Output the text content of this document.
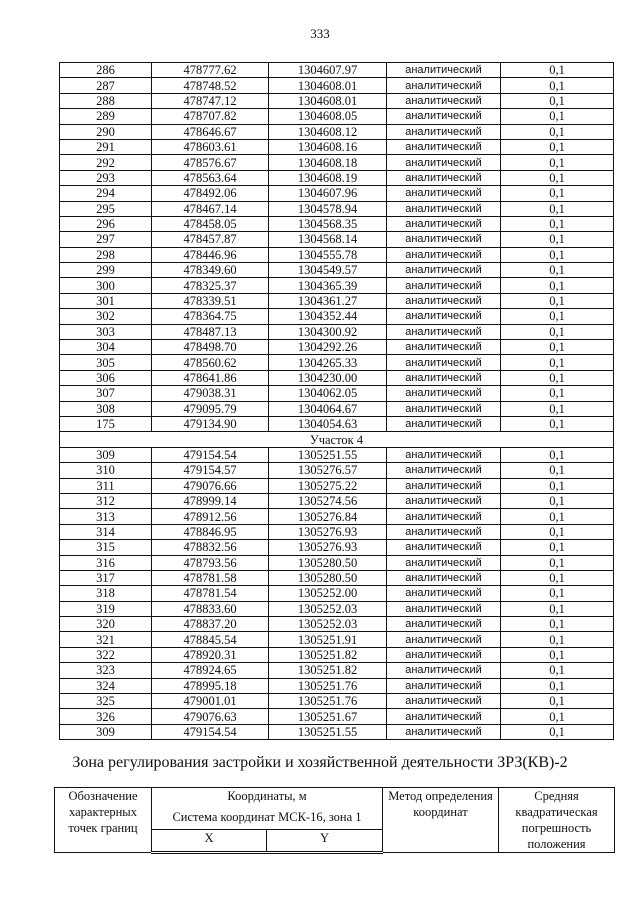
333
286	478777.62	1304607.97	аналитический	0,1
287	478748.52	1304608.01	аналитический	0,1
288	478747.12	1304608.01	аналитический	0,1
289	478707.82	1304608.05	аналитический	0,1
290	478646.67	1304608.12	аналитический	0,1
291	478603.61	1304608.16	аналитический	0,1
292	478576.67	1304608.18	аналитический	0,1
293	478563.64	1304608.19	аналитический	0,1
294	478492.06	1304607.96	аналитический	0,1
295	478467.14	1304578.94	аналитический	0,1
296	478458.05	1304568.35	аналитический	0,1
297	478457.87	1304568.14	аналитический	0,1
298	478446.96	1304555.78	аналитический	0,1
299	478349.60	1304549.57	аналитический	0,1
300	478325.37	1304365.39	аналитический	0,1
301	478339.51	1304361.27	аналитический	0,1
302	478364.75	1304352.44	аналитический	0,1
303	478487.13	1304300.92	аналитический	0,1
304	478498.70	1304292.26	аналитический	0,1
305	478560.62	1304265.33	аналитический	0,1
306	478641.86	1304230.00	аналитический	0,1
307	479038.31	1304062.05	аналитический	0,1
308	479095.79	1304064.67	аналитический	0,1
175	479134.90	1304054.63	аналитический	0,1
Участок 4				
309	479154.54	1305251.55	аналитический	0,1
310	479154.57	1305276.57	аналитический	0,1
311	479076.66	1305275.22	аналитический	0,1
312	478999.14	1305274.56	аналитический	0,1
313	478912.56	1305276.84	аналитический	0,1
314	478846.95	1305276.93	аналитический	0,1
315	478832.56	1305276.93	аналитический	0,1
316	478793.56	1305280.50	аналитический	0,1
317	478781.58	1305280.50	аналитический	0,1
318	478781.54	1305252.00	аналитический	0,1
319	478833.60	1305252.03	аналитический	0,1
320	478837.20	1305252.03	аналитический	0,1
321	478845.54	1305251.91	аналитический	0,1
322	478920.31	1305251.82	аналитический	0,1
323	478924.65	1305251.82	аналитический	0,1
324	478995.18	1305251.76	аналитический	0,1
325	479001.01	1305251.76	аналитический	0,1
326	479076.63	1305251.67	аналитический	0,1
309	479154.54	1305251.55	аналитический	0,1
Зона регулирования застройки и хозяйственной деятельности ЗРЗ(КВ)-2
Обозначение характерных точек границ	Координаты, м		Метод определения координат	Средняя квадратическая погрешность положения
	Система координат МСК-16, зона 1			
	X	Y		
